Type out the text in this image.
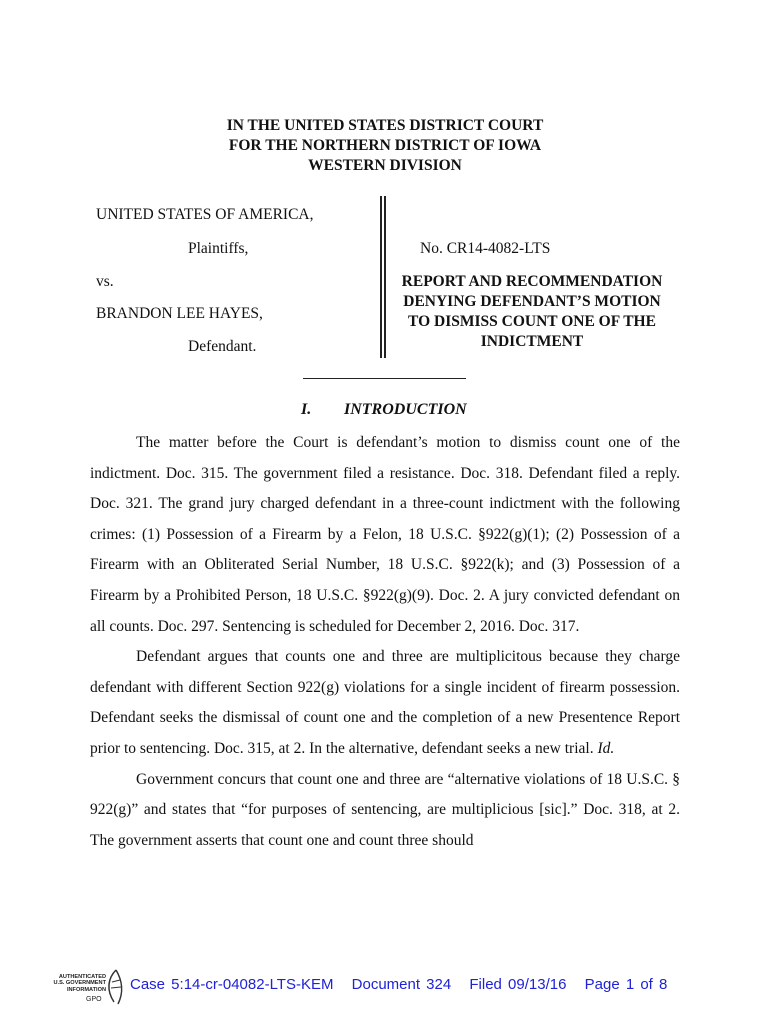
IN THE UNITED STATES DISTRICT COURT
FOR THE NORTHERN DISTRICT OF IOWA
WESTERN DIVISION
UNITED STATES OF AMERICA,
Plaintiffs,
vs.
BRANDON LEE HAYES,
Defendant.
No. CR14-4082-LTS
REPORT AND RECOMMENDATION
DENYING DEFENDANT’S MOTION
TO DISMISS COUNT ONE OF THE
INDICTMENT
I. INTRODUCTION

The matter before the Court is defendant’s motion to dismiss count one of the indictment. Doc. 315. The government filed a resistance. Doc. 318. Defendant filed a reply. Doc. 321. The grand jury charged defendant in a three-count indictment with the following crimes: (1) Possession of a Firearm by a Felon, 18 U.S.C. §922(g)(1); (2) Possession of a Firearm with an Obliterated Serial Number, 18 U.S.C. §922(k); and (3) Possession of a Firearm by a Prohibited Person, 18 U.S.C. §922(g)(9). Doc. 2. A jury convicted defendant on all counts. Doc. 297. Sentencing is scheduled for December 2, 2016. Doc. 317.

Defendant argues that counts one and three are multiplicitous because they charge defendant with different Section 922(g) violations for a single incident of firearm possession. Defendant seeks the dismissal of count one and the completion of a new Presentence Report prior to sentencing. Doc. 315, at 2. In the alternative, defendant seeks a new trial. Id.

Government concurs that count one and three are “alternative violations of 18 U.S.C. § 922(g)” and states that “for purposes of sentencing, are multiplicious [sic].” Doc. 318, at 2. The government asserts that count one and count three should

AUTHENTICATED
U.S. GOVERNMENT
INFORMATION
GPO
Case 5:14-cr-04082-LTS-KEM Document 324 Filed 09/13/16 Page 1 of 8
